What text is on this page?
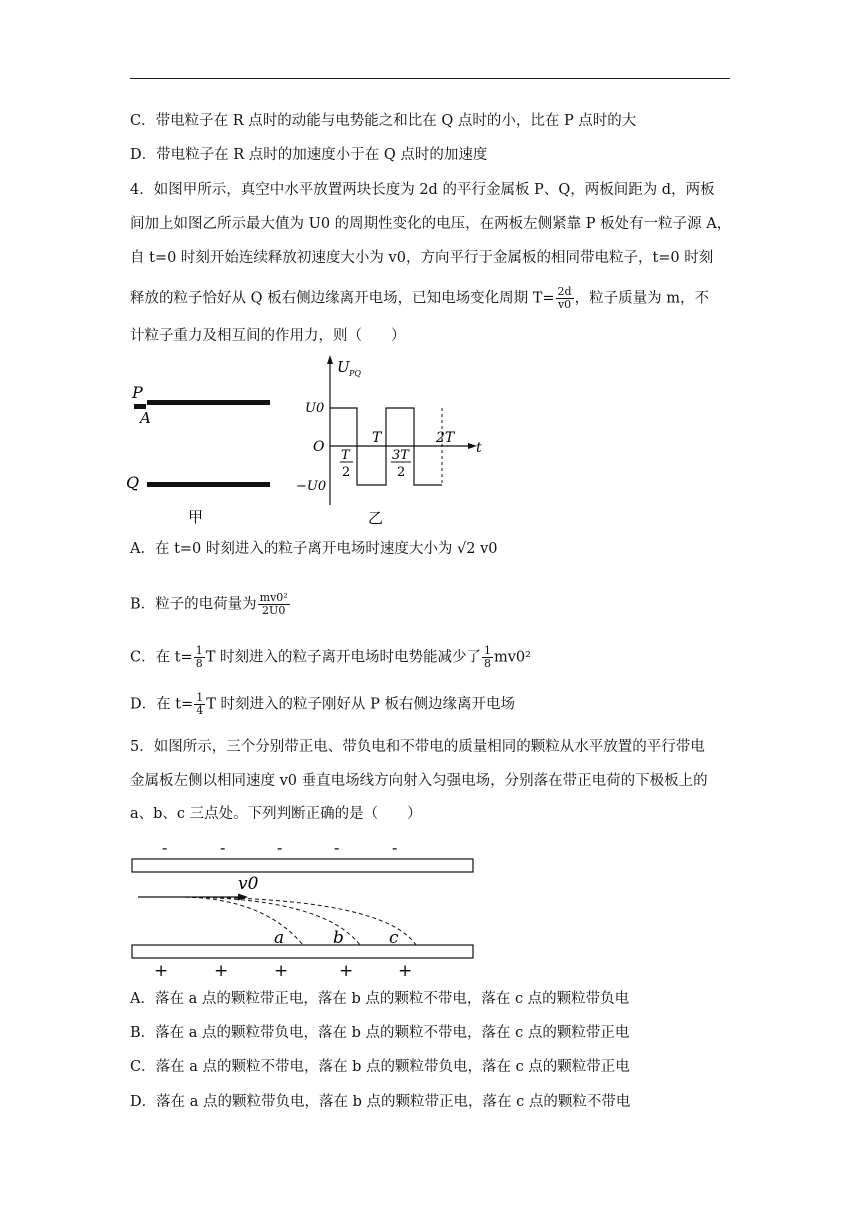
C．带电粒子在 R 点时的动能与电势能之和比在 Q 点时的小，比在 P 点时的大
D．带电粒子在 R 点时的加速度小于在 Q 点时的加速度
4．如图甲所示，真空中水平放置两块长度为 2d 的平行金属板 P、Q，两板间距为 d，两板
间加上如图乙所示最大值为 U0 的周期性变化的电压，在两板左侧紧靠 P 板处有一粒子源 A，
自 t=0 时刻开始连续释放初速度大小为 v0，方向平行于金属板的相同带电粒子，t=0 时刻
释放的粒子恰好从 Q 板右侧边缘离开电场，已知电场变化周期 $T= \frac{2d}{v0}$ ，粒子质量为 m，不
计粒子重力及相互间的作用力，则（　　）
P
A
Q
甲
U PQ
U0
O
−U0
t
T	2T
T
2
3T
2
乙
A．在 t=0 时刻进入的粒子离开电场时速度大小为 √2 v0
B．粒子的电荷量为 $\frac{\text{mv0²}}{2U0}$
C．在 $t= \frac{1}{8}$ T 时刻进入的粒子离开电场时电势能减少了 $\frac{1}{8} mv0^2$
D．在 $t= \frac{1}{4}$ T 时刻进入的粒子刚好从 P 板右侧边缘离开电场
5．如图所示，三个分别带正电、带负电和不带电的质量相同的颗粒从水平放置的平行带电
金属板左侧以相同速度 v0 垂直电场线方向射入匀强电场，分别落在带正电荷的下极板上的
a、b、c 三点处。下列判断正确的是（　　）
-	-	-	-	-
+	+	+	+	+
v0
a	b	c
A．落在 a 点的颗粒带正电，落在 b 点的颗粒不带电，落在 c 点的颗粒带负电
B．落在 a 点的颗粒带负电，落在 b 点的颗粒不带电，落在 c 点的颗粒带正电
C．落在 a 点的颗粒不带电，落在 b 点的颗粒带负电，落在 c 点的颗粒带正电
D．落在 a 点的颗粒带负电，落在 b 点的颗粒带正电，落在 c 点的颗粒不带电
